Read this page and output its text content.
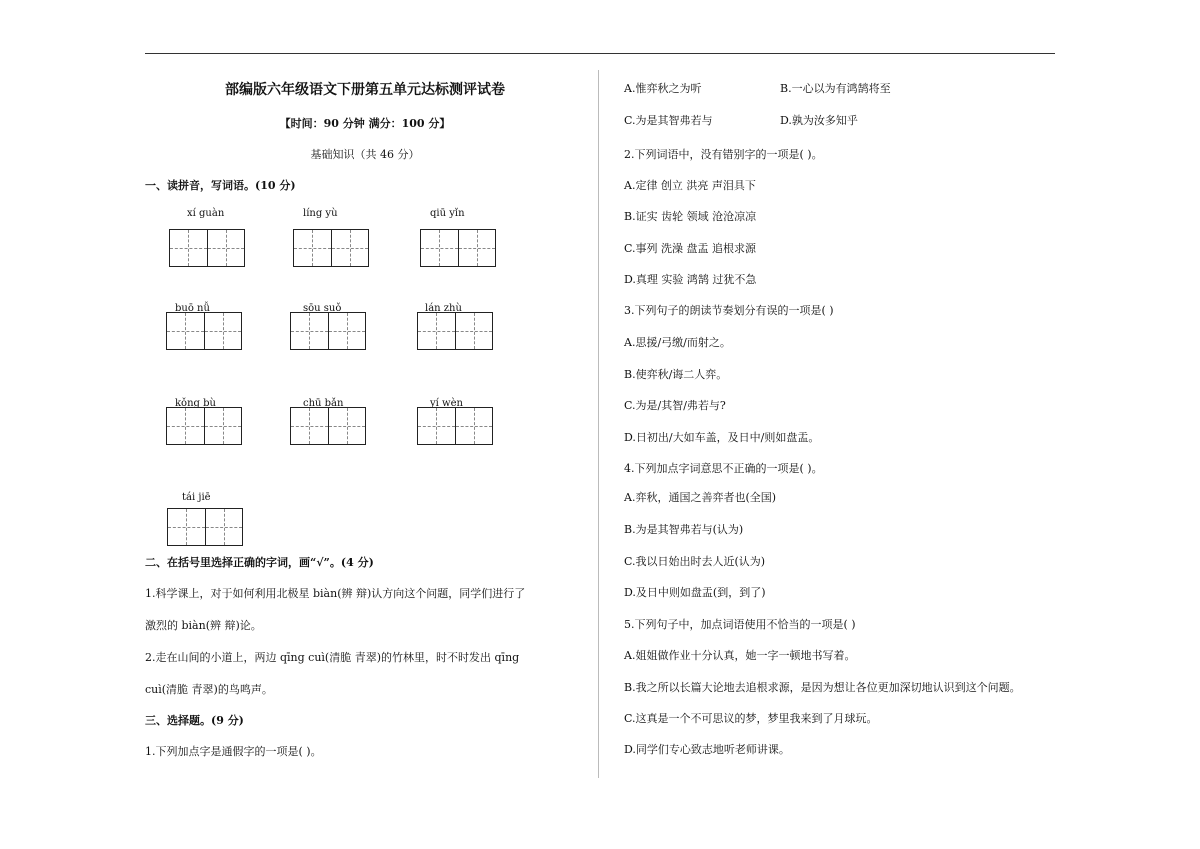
部编版六年级语文下册第五单元达标测评试卷
【时间：90 分钟 满分：100 分】
基础知识（共 46 分）
一、读拼音，写词语。(10 分)
xí guàn	líng yù	qiū yǐn
buō nǚ	sōu suǒ	lán zhù
kǒng bù	chū bǎn	yí wèn
tái jiē
二、在括号里选择正确的字词，画“√”。(4 分)
1.科学课上，对于如何利用北极星 biàn(辨 辩)认方向这个问题，同学们进行了
激烈的 biàn(辨 辩)论。
2.走在山间的小道上，两边 qīng cuì(清脆 青翠)的竹林里，时不时发出 qīng
cuì(清脆 青翠)的鸟鸣声。
三、选择题。(9 分)
1.下列加点字是通假字的一项是( )。
A.惟弈秋之为听	B.一心以为有鸿鹄将至
C.为是其智弗若与	D.孰为汝多知乎
2.下列词语中，没有错别字的一项是( )。
A.定律 创立 洪亮 声泪具下
B.证实 齿轮 领域 沧沧凉凉
C.事列 洗澡 盘盂 追根求源
D.真理 实验 鸿鹄 过犹不急
3.下列句子的朗读节奏划分有误的一项是( )
A.思援/弓缴/而射之。
B.使弈秋/诲二人弈。
C.为是/其智/弗若与?
D.日初出/大如车盖，及日中/则如盘盂。
4.下列加点字词意思不正确的一项是( )。
A.弈秋，通国之善弈者也(全国)
B.为是其智弗若与(认为)
C.我以日始出时去人近(认为)
D.及日中则如盘盂(到，到了)
5.下列句子中，加点词语使用不恰当的一项是( )
A.姐姐做作业十分认真，她一字一顿地书写着。
B.我之所以长篇大论地去追根求源，是因为想让各位更加深切地认识到这个问题。
C.这真是一个不可思议的梦，梦里我来到了月球玩。
D.同学们专心致志地听老师讲课。
